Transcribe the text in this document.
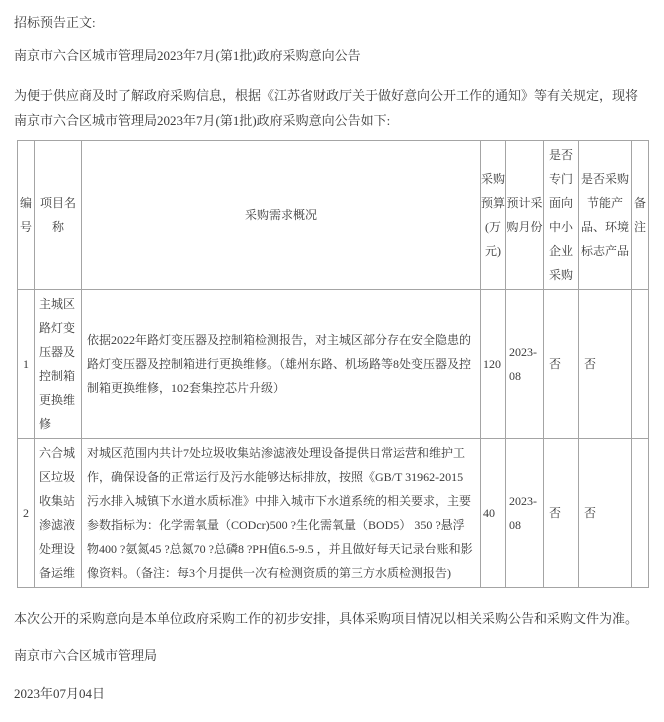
招标预告正文:

南京市六合区城市管理局2023年7月(第1批)政府采购意向公告

为便于供应商及时了解政府采购信息，根据《江苏省财政厅关于做好意向公开工作的通知》等有关规定，现将南京市六合区城市管理局2023年7月(第1批)政府采购意向公告如下:

编号	项目名称	采购需求概况	采购预算(万元)	预计采购月份	是否专门面向中小企业采购	是否采购节能产品、环境标志产品	备注
1	主城区路灯变压器及控制箱更换维修	依据2022年路灯变压器及控制箱检测报告，对主城区部分存在安全隐患的路灯变压器及控制箱进行更换维修。（雄州东路、机场路等8处变压器及控制箱更换维修，102套集控芯片升级）	120	2023-08	否	否	
2	六合城区垃圾收集站渗滤液处理设备运维	对城区范围内共计7处垃圾收集站渗滤液处理设备提供日常运营和维护工作，确保设备的正常运行及污水能够达标排放，按照《GB/T 31962-2015污水排入城镇下水道水质标准》中排入城市下水道系统的相关要求，主要参数指标为：化学需氧量（CODcr)500 ?生化需氧量（BOD5） 350 ?悬浮物400 ?氨氮45 ?总氮70 ?总磷8 ?PH值6.5-9.5 ，并且做好每天记录台账和影像资料。（备注：每3个月提供一次有检测资质的第三方水质检测报告)	40	2023-08	否	否	

本次公开的采购意向是本单位政府采购工作的初步安排，具体采购项目情况以相关采购公告和采购文件为准。

南京市六合区城市管理局

2023年07月04日
